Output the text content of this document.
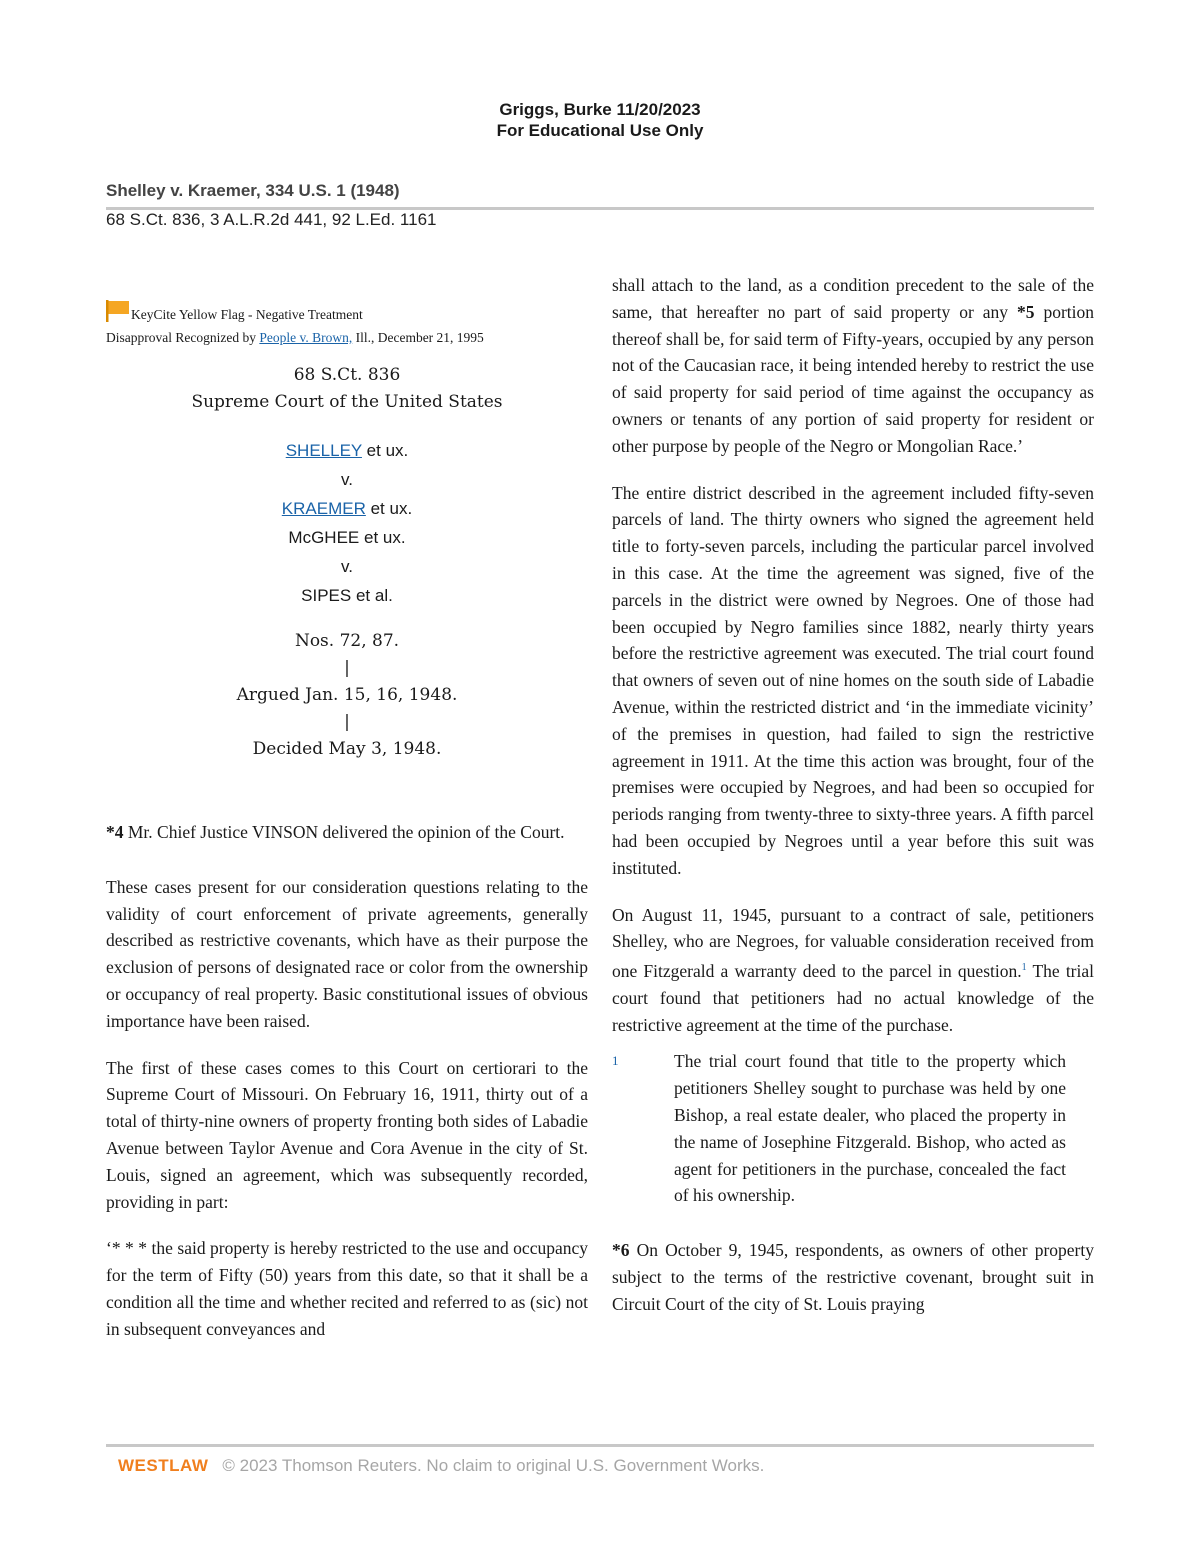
Griggs, Burke 11/20/2023
For Educational Use Only
Shelley v. Kraemer, 334 U.S. 1 (1948)
68 S.Ct. 836, 3 A.L.R.2d 441, 92 L.Ed. 1161
KeyCite Yellow Flag - Negative Treatment
Disapproval Recognized by People v. Brown, Ill., December 21, 1995
68 S.Ct. 836
Supreme Court of the United States
SHELLEY et ux.
v.
KRAEMER et ux.
McGHEE et ux.
v.
SIPES et al.
Nos. 72, 87.
|
Argued Jan. 15, 16, 1948.
|
Decided May 3, 1948.

*4 Mr. Chief Justice VINSON delivered the opinion of the Court.

These cases present for our consideration questions relating to the validity of court enforcement of private agreements, generally described as restrictive covenants, which have as their purpose the exclusion of persons of designated race or color from the ownership or occupancy of real property. Basic constitutional issues of obvious importance have been raised.

The first of these cases comes to this Court on certiorari to the Supreme Court of Missouri. On February 16, 1911, thirty out of a total of thirty-nine owners of property fronting both sides of Labadie Avenue between Taylor Avenue and Cora Avenue in the city of St. Louis, signed an agreement, which was subsequently recorded, providing in part:

‘* * * the said property is hereby restricted to the use and occupancy for the term of Fifty (50) years from this date, so that it shall be a condition all the time and whether recited and referred to as (sic) not in subsequent conveyances and

shall attach to the land, as a condition precedent to the sale of the same, that hereafter no part of said property or any *5 portion thereof shall be, for said term of Fifty-years, occupied by any person not of the Caucasian race, it being intended hereby to restrict the use of said property for said period of time against the occupancy as owners or tenants of any portion of said property for resident or other purpose by people of the Negro or Mongolian Race.’

The entire district described in the agreement included fifty-seven parcels of land. The thirty owners who signed the agreement held title to forty-seven parcels, including the particular parcel involved in this case. At the time the agreement was signed, five of the parcels in the district were owned by Negroes. One of those had been occupied by Negro families since 1882, nearly thirty years before the restrictive agreement was executed. The trial court found that owners of seven out of nine homes on the south side of Labadie Avenue, within the restricted district and ‘in the immediate vicinity’ of the premises in question, had failed to sign the restrictive agreement in 1911. At the time this action was brought, four of the premises were occupied by Negroes, and had been so occupied for periods ranging from twenty-three to sixty-three years. A fifth parcel had been occupied by Negroes until a year before this suit was instituted.

On August 11, 1945, pursuant to a contract of sale, petitioners Shelley, who are Negroes, for valuable consideration received from one Fitzgerald a warranty deed to the parcel in question.$^1$ The trial court found that petitioners had no actual knowledge of the restrictive agreement at the time of the purchase.

1	The trial court found that title to the property which petitioners Shelley sought to purchase was held by one Bishop, a real estate dealer, who placed the property in the name of Josephine Fitzgerald. Bishop, who acted as agent for petitioners in the purchase, concealed the fact of his ownership.

*6 On October 9, 1945, respondents, as owners of other property subject to the terms of the restrictive covenant, brought suit in Circuit Court of the city of St. Louis praying

WESTLAW © 2023 Thomson Reuters. No claim to original U.S. Government Works.
